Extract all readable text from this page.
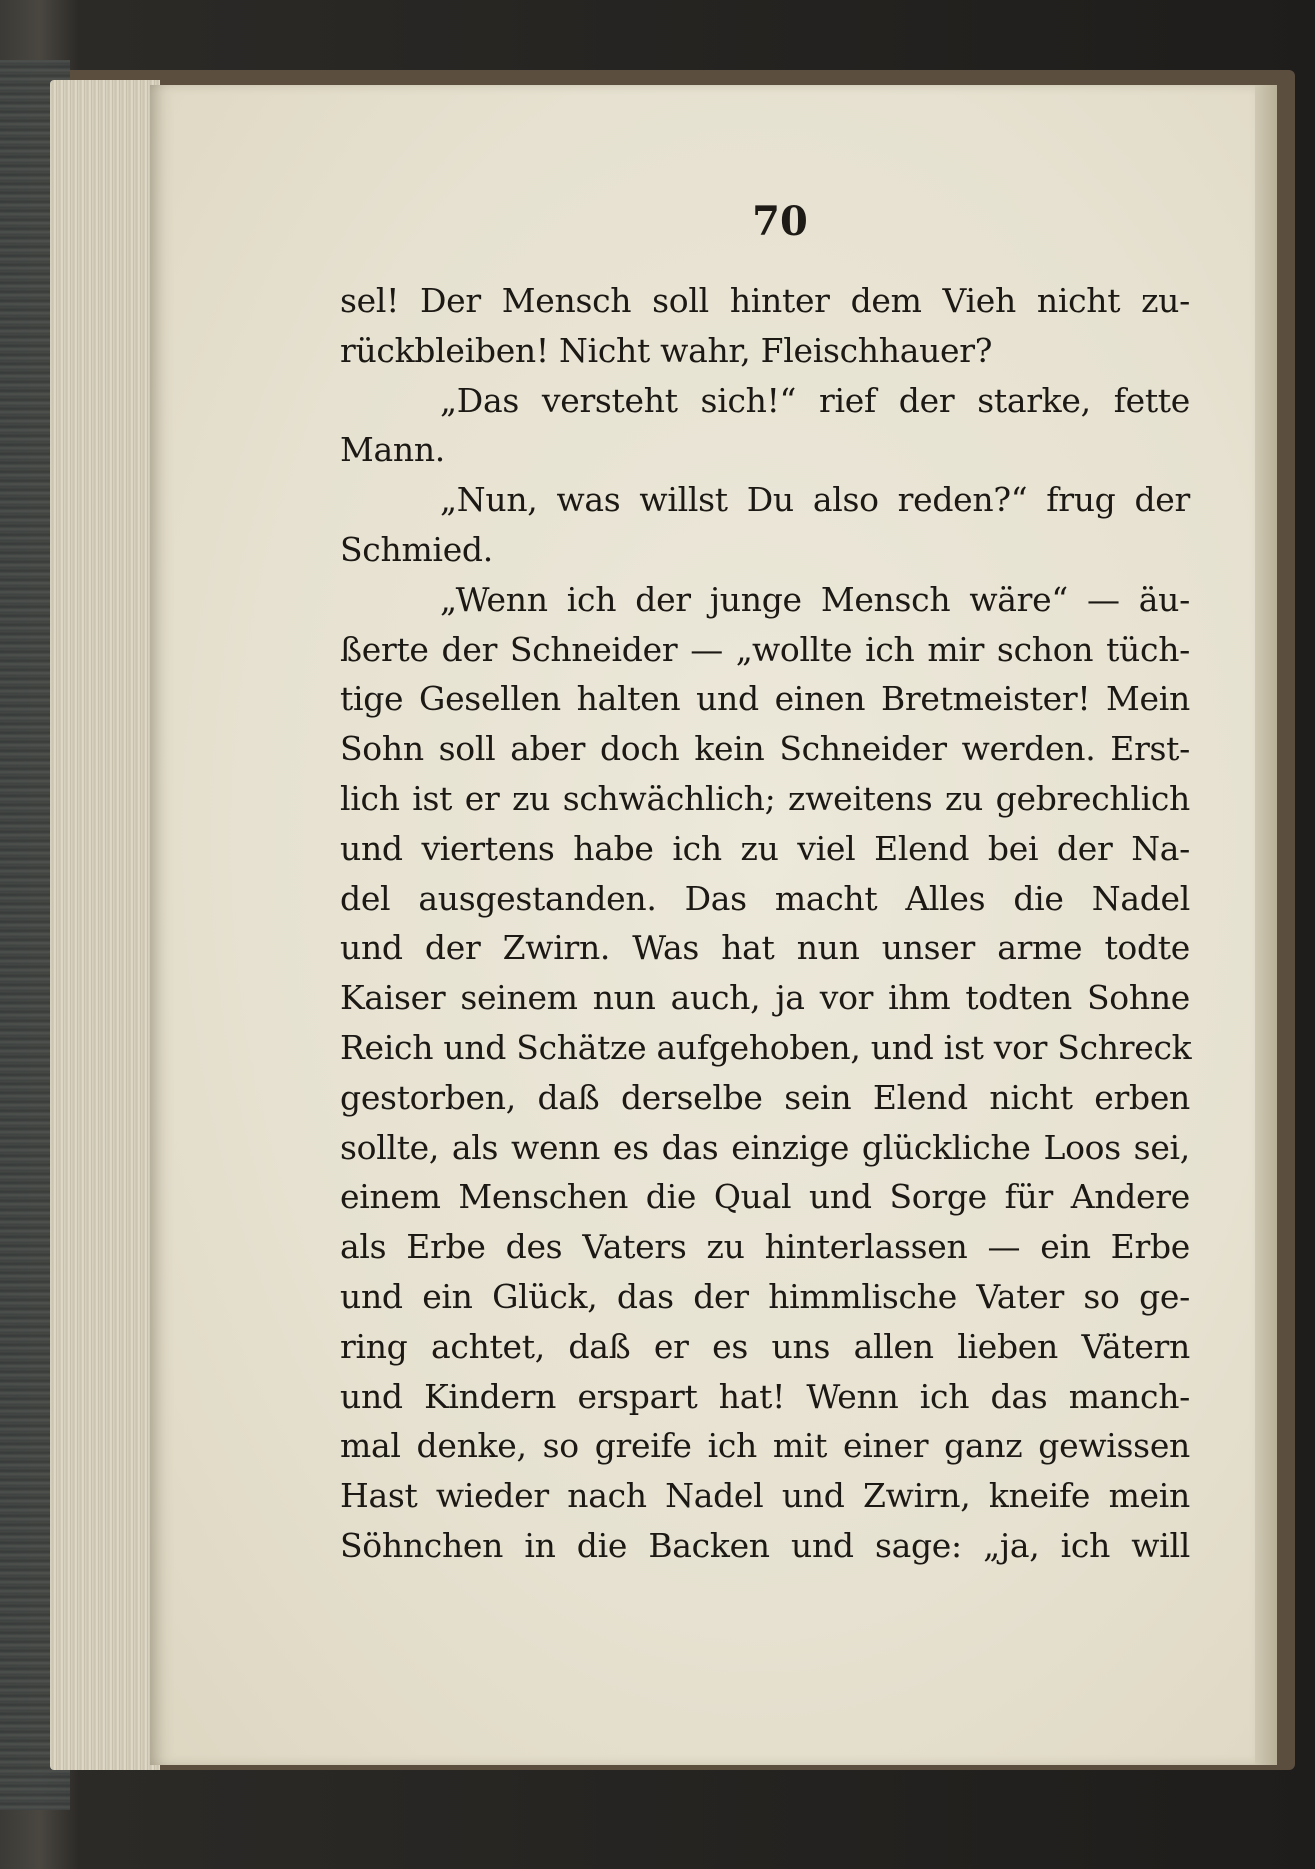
70
sel! Der Mensch soll hinter dem Vieh nicht zu-
rückbleiben! Nicht wahr, Fleischhauer?
„Das versteht sich!“ rief der starke, fette
Mann.
„Nun, was willst Du also reden?“ frug der
Schmied.
„Wenn ich der junge Mensch wäre“ — äu-
ßerte der Schneider — „wollte ich mir schon tüch-
tige Gesellen halten und einen Bretmeister! Mein
Sohn soll aber doch kein Schneider werden. Erst-
lich ist er zu schwächlich; zweitens zu gebrechlich
und viertens habe ich zu viel Elend bei der Na-
del ausgestanden. Das macht Alles die Nadel
und der Zwirn. Was hat nun unser arme todte
Kaiser seinem nun auch, ja vor ihm todten Sohne
Reich und Schätze aufgehoben, und ist vor Schreck
gestorben, daß derselbe sein Elend nicht erben
sollte, als wenn es das einzige glückliche Loos sei,
einem Menschen die Qual und Sorge für Andere
als Erbe des Vaters zu hinterlassen — ein Erbe
und ein Glück, das der himmlische Vater so ge-
ring achtet, daß er es uns allen lieben Vätern
und Kindern erspart hat! Wenn ich das manch-
mal denke, so greife ich mit einer ganz gewissen
Hast wieder nach Nadel und Zwirn, kneife mein
Söhnchen in die Backen und sage: „ja, ich will
